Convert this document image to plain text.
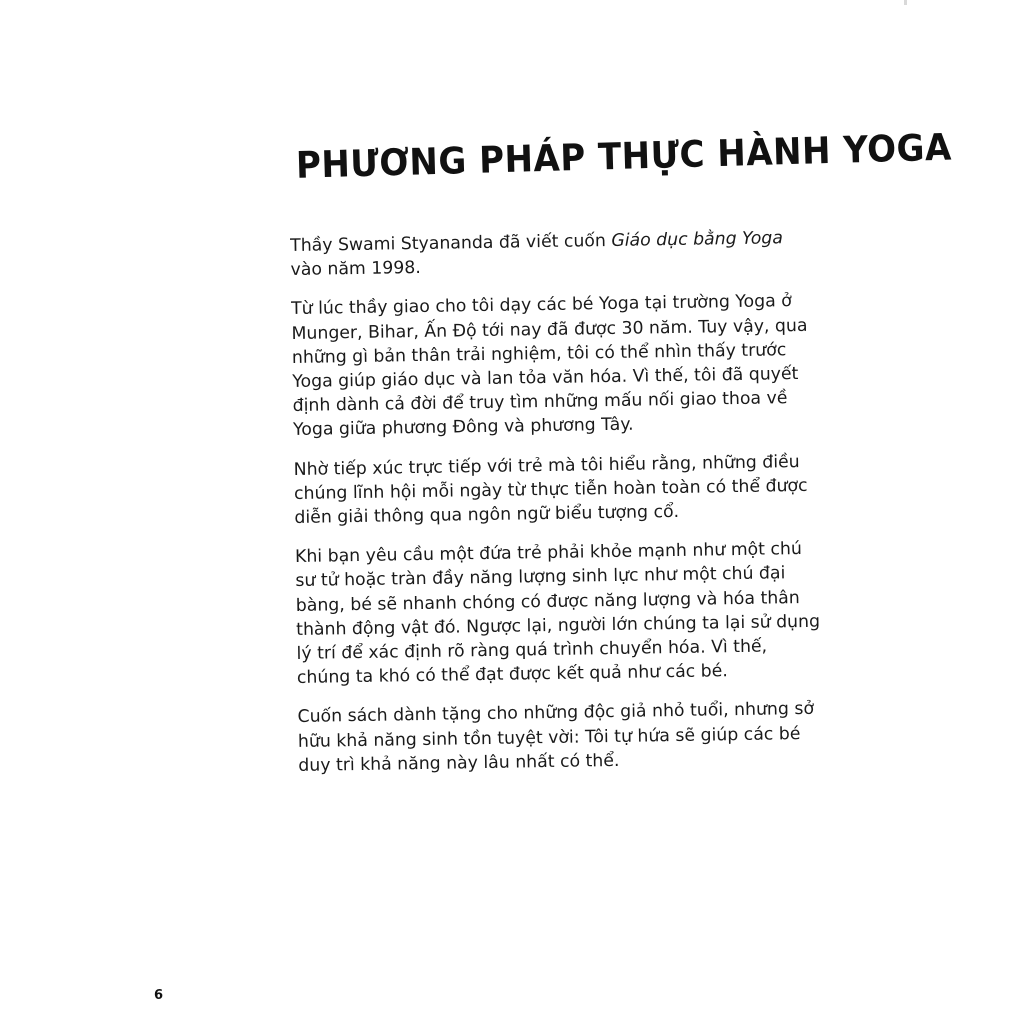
PHƯƠNG PHÁP THỰC HÀNH YOGA

Thầy Swami Styananda đã viết cuốn Giáo dục bằng Yoga vào năm 1998.

Từ lúc thầy giao cho tôi dạy các bé Yoga tại trường Yoga ở Munger, Bihar, Ấn Độ tới nay đã được 30 năm. Tuy vậy, qua những gì bản thân trải nghiệm, tôi có thể nhìn thấy trước Yoga giúp giáo dục và lan tỏa văn hóa. Vì thế, tôi đã quyết định dành cả đời để truy tìm những mấu nối giao thoa về Yoga giữa phương Đông và phương Tây.

Nhờ tiếp xúc trực tiếp với trẻ mà tôi hiểu rằng, những điều chúng lĩnh hội mỗi ngày từ thực tiễn hoàn toàn có thể được diễn giải thông qua ngôn ngữ biểu tượng cổ.

Khi bạn yêu cầu một đứa trẻ phải khỏe mạnh như một chú sư tử hoặc tràn đầy năng lượng sinh lực như một chú đại bàng, bé sẽ nhanh chóng có được năng lượng và hóa thân thành động vật đó. Ngược lại, người lớn chúng ta lại sử dụng lý trí để xác định rõ ràng quá trình chuyển hóa. Vì thế, chúng ta khó có thể đạt được kết quả như các bé.

Cuốn sách dành tặng cho những độc giả nhỏ tuổi, nhưng sở hữu khả năng sinh tồn tuyệt vời: Tôi tự hứa sẽ giúp các bé duy trì khả năng này lâu nhất có thể.

6
